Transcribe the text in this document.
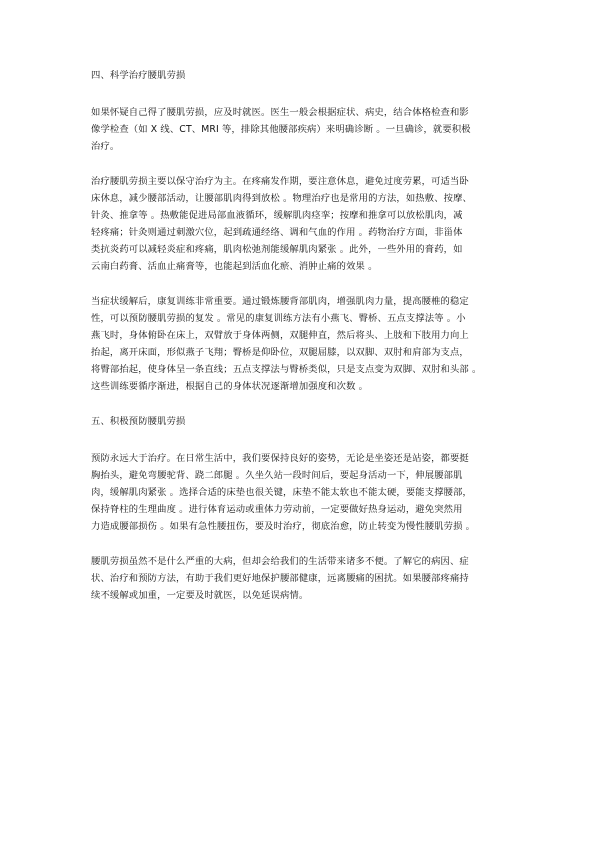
四、科学治疗腰肌劳损

如果怀疑自己得了腰肌劳损，应及时就医。医生一般会根据症状、病史，结合体格检查和影
像学检查（如 X 线、CT、MRI 等，排除其他腰部疾病）来明确诊断 。一旦确诊，就要积极
治疗。

治疗腰肌劳损主要以保守治疗为主。在疼痛发作期，要注意休息，避免过度劳累，可适当卧
床休息，减少腰部活动，让腰部肌肉得到放松 。物理治疗也是常用的方法，如热敷、按摩、
针灸、推拿等 。热敷能促进局部血液循环，缓解肌肉痉挛；按摩和推拿可以放松肌肉，减
轻疼痛；针灸则通过刺激穴位，起到疏通经络、调和气血的作用 。药物治疗方面，非甾体
类抗炎药可以减轻炎症和疼痛，肌肉松弛剂能缓解肌肉紧张 。此外，一些外用的膏药，如
云南白药膏、活血止痛膏等，也能起到活血化瘀、消肿止痛的效果 。

当症状缓解后，康复训练非常重要。通过锻炼腰背部肌肉，增强肌肉力量，提高腰椎的稳定
性，可以预防腰肌劳损的复发 。常见的康复训练方法有小燕飞、臀桥、五点支撑法等 。小
燕飞时，身体俯卧在床上，双臂放于身体两侧，双腿伸直，然后将头、上肢和下肢用力向上
抬起，离开床面，形似燕子飞翔；臀桥是仰卧位，双腿屈膝，以双脚、双肘和肩部为支点，
将臀部抬起，使身体呈一条直线；五点支撑法与臀桥类似，只是支点变为双脚、双肘和头部 。
这些训练要循序渐进，根据自己的身体状况逐渐增加强度和次数 。

五、积极预防腰肌劳损

预防永远大于治疗。在日常生活中，我们要保持良好的姿势，无论是坐姿还是站姿，都要挺
胸抬头，避免弯腰驼背、跷二郎腿 。久坐久站一段时间后，要起身活动一下，伸展腰部肌
肉，缓解肌肉紧张 。选择合适的床垫也很关键，床垫不能太软也不能太硬，要能支撑腰部，
保持脊柱的生理曲度 。进行体育运动或重体力劳动前，一定要做好热身运动，避免突然用
力造成腰部损伤 。如果有急性腰扭伤，要及时治疗，彻底治愈，防止转变为慢性腰肌劳损 。

腰肌劳损虽然不是什么严重的大病，但却会给我们的生活带来诸多不便。了解它的病因、症
状、治疗和预防方法，有助于我们更好地保护腰部健康，远离腰痛的困扰。如果腰部疼痛持
续不缓解或加重，一定要及时就医，以免延误病情。
